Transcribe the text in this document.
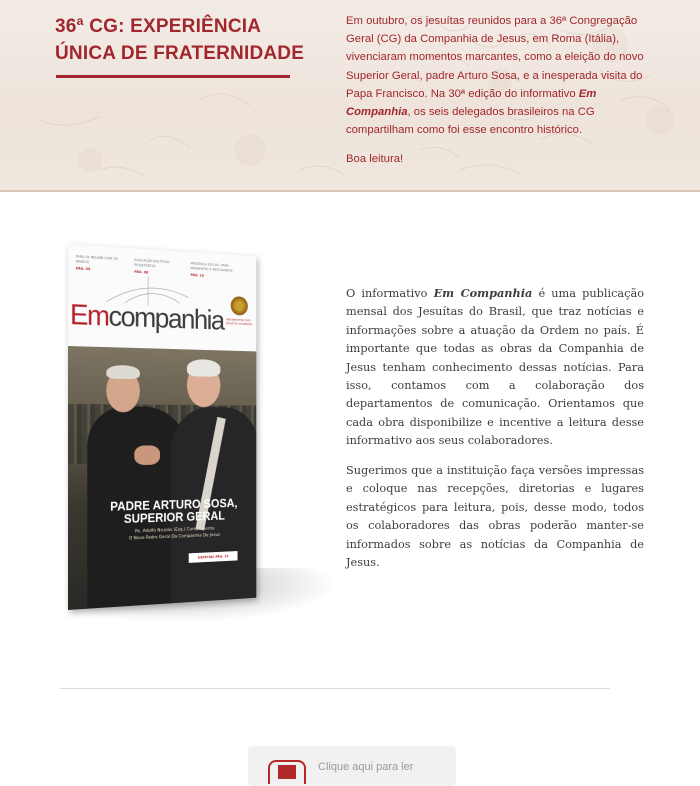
36ª CG: EXPERIÊNCIA
ÚNICA DE FRATERNIDADE

Em outubro, os jesuítas reunidos para a 36ª Congregação Geral (CG) da Companhia de Jesus, em Roma (Itália), vivenciaram momentos marcantes, como a eleição do novo Superior Geral, padre Arturo Sosa, e a inesperada visita do Papa Francisco. Na 30ª edição do informativo Em Companhia, os seis delegados brasileiros na CG compartilham como foi esse encontro histórico.

Boa leitura!
PARA SE REUNIR COM OS IRMÃOS
PÁG. 05
EDUCAÇÃO JESUÍTICA: RESISTÊNCIA
PÁG. 08
PRESENÇA SOCIAL: PARA MIGRANTES E REFUGIADOS
PÁG. 10
INFORMATIVO DOS JESUÍTAS DO BRASIL
Emcompanhia
PADRE ARTURO SOSA, SUPERIOR GERAL
Pe. Adolfo Nicolás (Esq.) Cumprimenta
O Novo Padre Geral Da Companhia De Jesus
ESPECIAL PÁG. 12

O informativo Em Companhia é uma publicação mensal dos Jesuítas do Brasil, que traz notícias e informações sobre a atuação da Ordem no país. É importante que todas as obras da Companhia de Jesus tenham conhecimento dessas notícias. Para isso, contamos com a colaboração dos departamentos de comunicação. Orientamos que cada obra disponibilize e incentive a leitura desse informativo aos seus colaboradores.

Sugerimos que a instituição faça versões impressas e coloque nas recepções, diretorias e lugares estratégicos para leitura, pois, desse modo, todos os colaboradores das obras poderão manter-se informados sobre as notícias da Companhia de Jesus.

Clique aqui para ler
